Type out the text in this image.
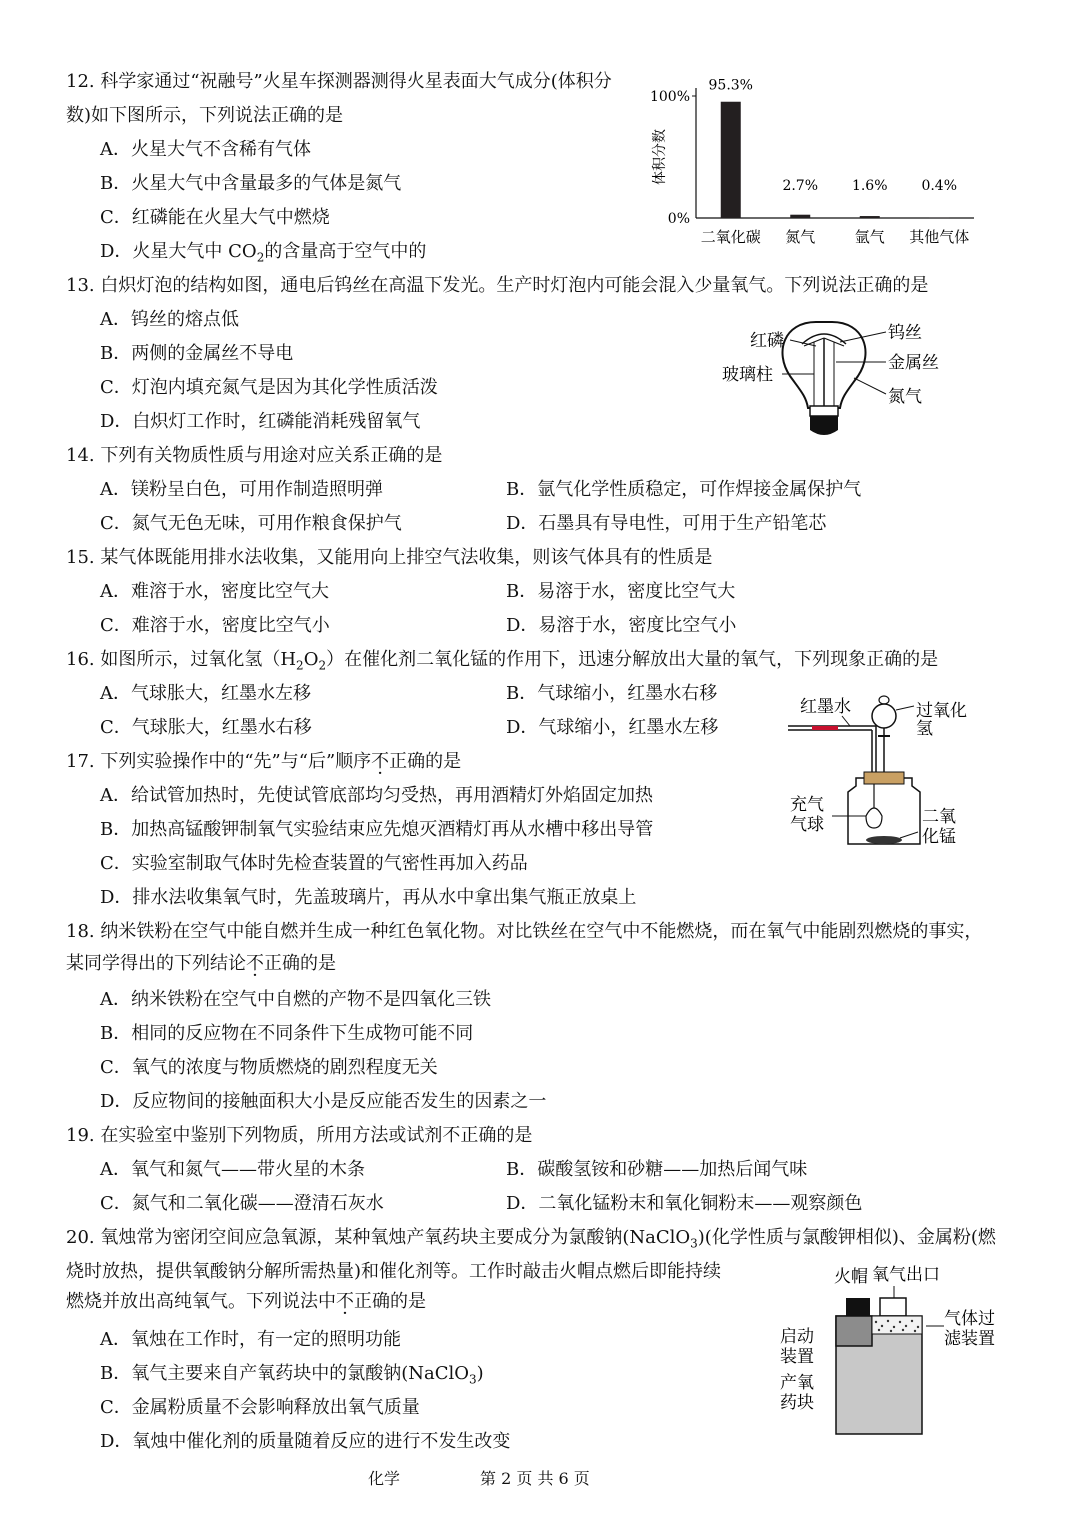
12. 科学家通过“祝融号”火星车探测器测得火星表面大气成分(体积分
数)如下图所示，下列说法正确的是
A．火星大气不含稀有气体
B．火星大气中含量最多的气体是氮气
C．红磷能在火星大气中燃烧
D．火星大气中 $CO_2$的含量高于空气中的
100%
0%
体积分数
95.3%
二氧化碳
2.7%
氮气
1.6%
氩气
0.4%
其他气体
13. 白炽灯泡的结构如图，通电后钨丝在高温下发光。生产时灯泡内可能会混入少量氧气。下列说法正确的是
A．钨丝的熔点低
B．两侧的金属丝不导电
C．灯泡内填充氮气是因为其化学性质活泼
D．白炽灯工作时，红磷能消耗残留氧气
红磷
玻璃柱
钨丝
金属丝
氮气
14. 下列有关物质性质与用途对应关系正确的是
A．镁粉呈白色，可用作制造照明弹	B．氩气化学性质稳定，可作焊接金属保护气
C．氮气无色无味，可用作粮食保护气	D．石墨具有导电性，可用于生产铅笔芯
15. 某气体既能用排水法收集，又能用向上排空气法收集，则该气体具有的性质是
A．难溶于水，密度比空气大	B．易溶于水，密度比空气大
C．难溶于水，密度比空气小	D．易溶于水，密度比空气小
16. 如图所示，过氧化氢$(H_2O_2)$在催化剂二氧化锰的作用下，迅速分解放出大量的氧气，下列现象正确的是
A．气球胀大，红墨水左移	B．气球缩小，红墨水右移
C．气球胀大，红墨水右移	D．气球缩小，红墨水左移
红墨水	过氧化
氢
充气
气球	二氧
化锰
17. 下列实验操作中的“先”与“后”顺序不正确的是
A．给试管加热时，先使试管底部均匀受热，再用酒精灯外焰固定加热
B．加热高锰酸钾制氧气实验结束应先熄灭酒精灯再从水槽中移出导管
C．实验室制取气体时先检查装置的气密性再加入药品
D．排水法收集氧气时，先盖玻璃片，再从水中拿出集气瓶正放桌上
18. 纳米铁粉在空气中能自燃并生成一种红色氧化物。对比铁丝在空气中不能燃烧，而在氧气中能剧烈燃烧的事实，
某同学得出的下列结论不正确的是
A．纳米铁粉在空气中自燃的产物不是四氧化三铁
B．相同的反应物在不同条件下生成物可能不同
C．氧气的浓度与物质燃烧的剧烈程度无关
D．反应物间的接触面积大小是反应能否发生的因素之一
19. 在实验室中鉴别下列物质，所用方法或试剂不正确的是
A．氧气和氮气——带火星的木条	B．碳酸氢铵和砂糖——加热后闻气味
C．氮气和二氧化碳——澄清石灰水	D．二氧化锰粉末和氧化铜粉末——观察颜色
20. 氧烛常为密闭空间应急氧源，某种氧烛产氧药块主要成分为氯酸钠(NaClO$_3$)(化学性质与氯酸钾相似)、金属粉(燃
烧时放热，提供氧酸钠分解所需热量)和催化剂等。工作时敲击火帽点燃后即能持续
燃烧并放出高纯氧气。下列说法中不正确的是
A．氧烛在工作时，有一定的照明功能
B．氧气主要来自产氧药块中的氯酸钠(NaClO$_3$)
C．金属粉质量不会影响释放出氧气质量
D．氧烛中催化剂的质量随着反应的进行不发生改变
火帽 氧气出口
气体过
滤装置
启动
装置
产氧
药块
化学	第 2 页 共 6 页
